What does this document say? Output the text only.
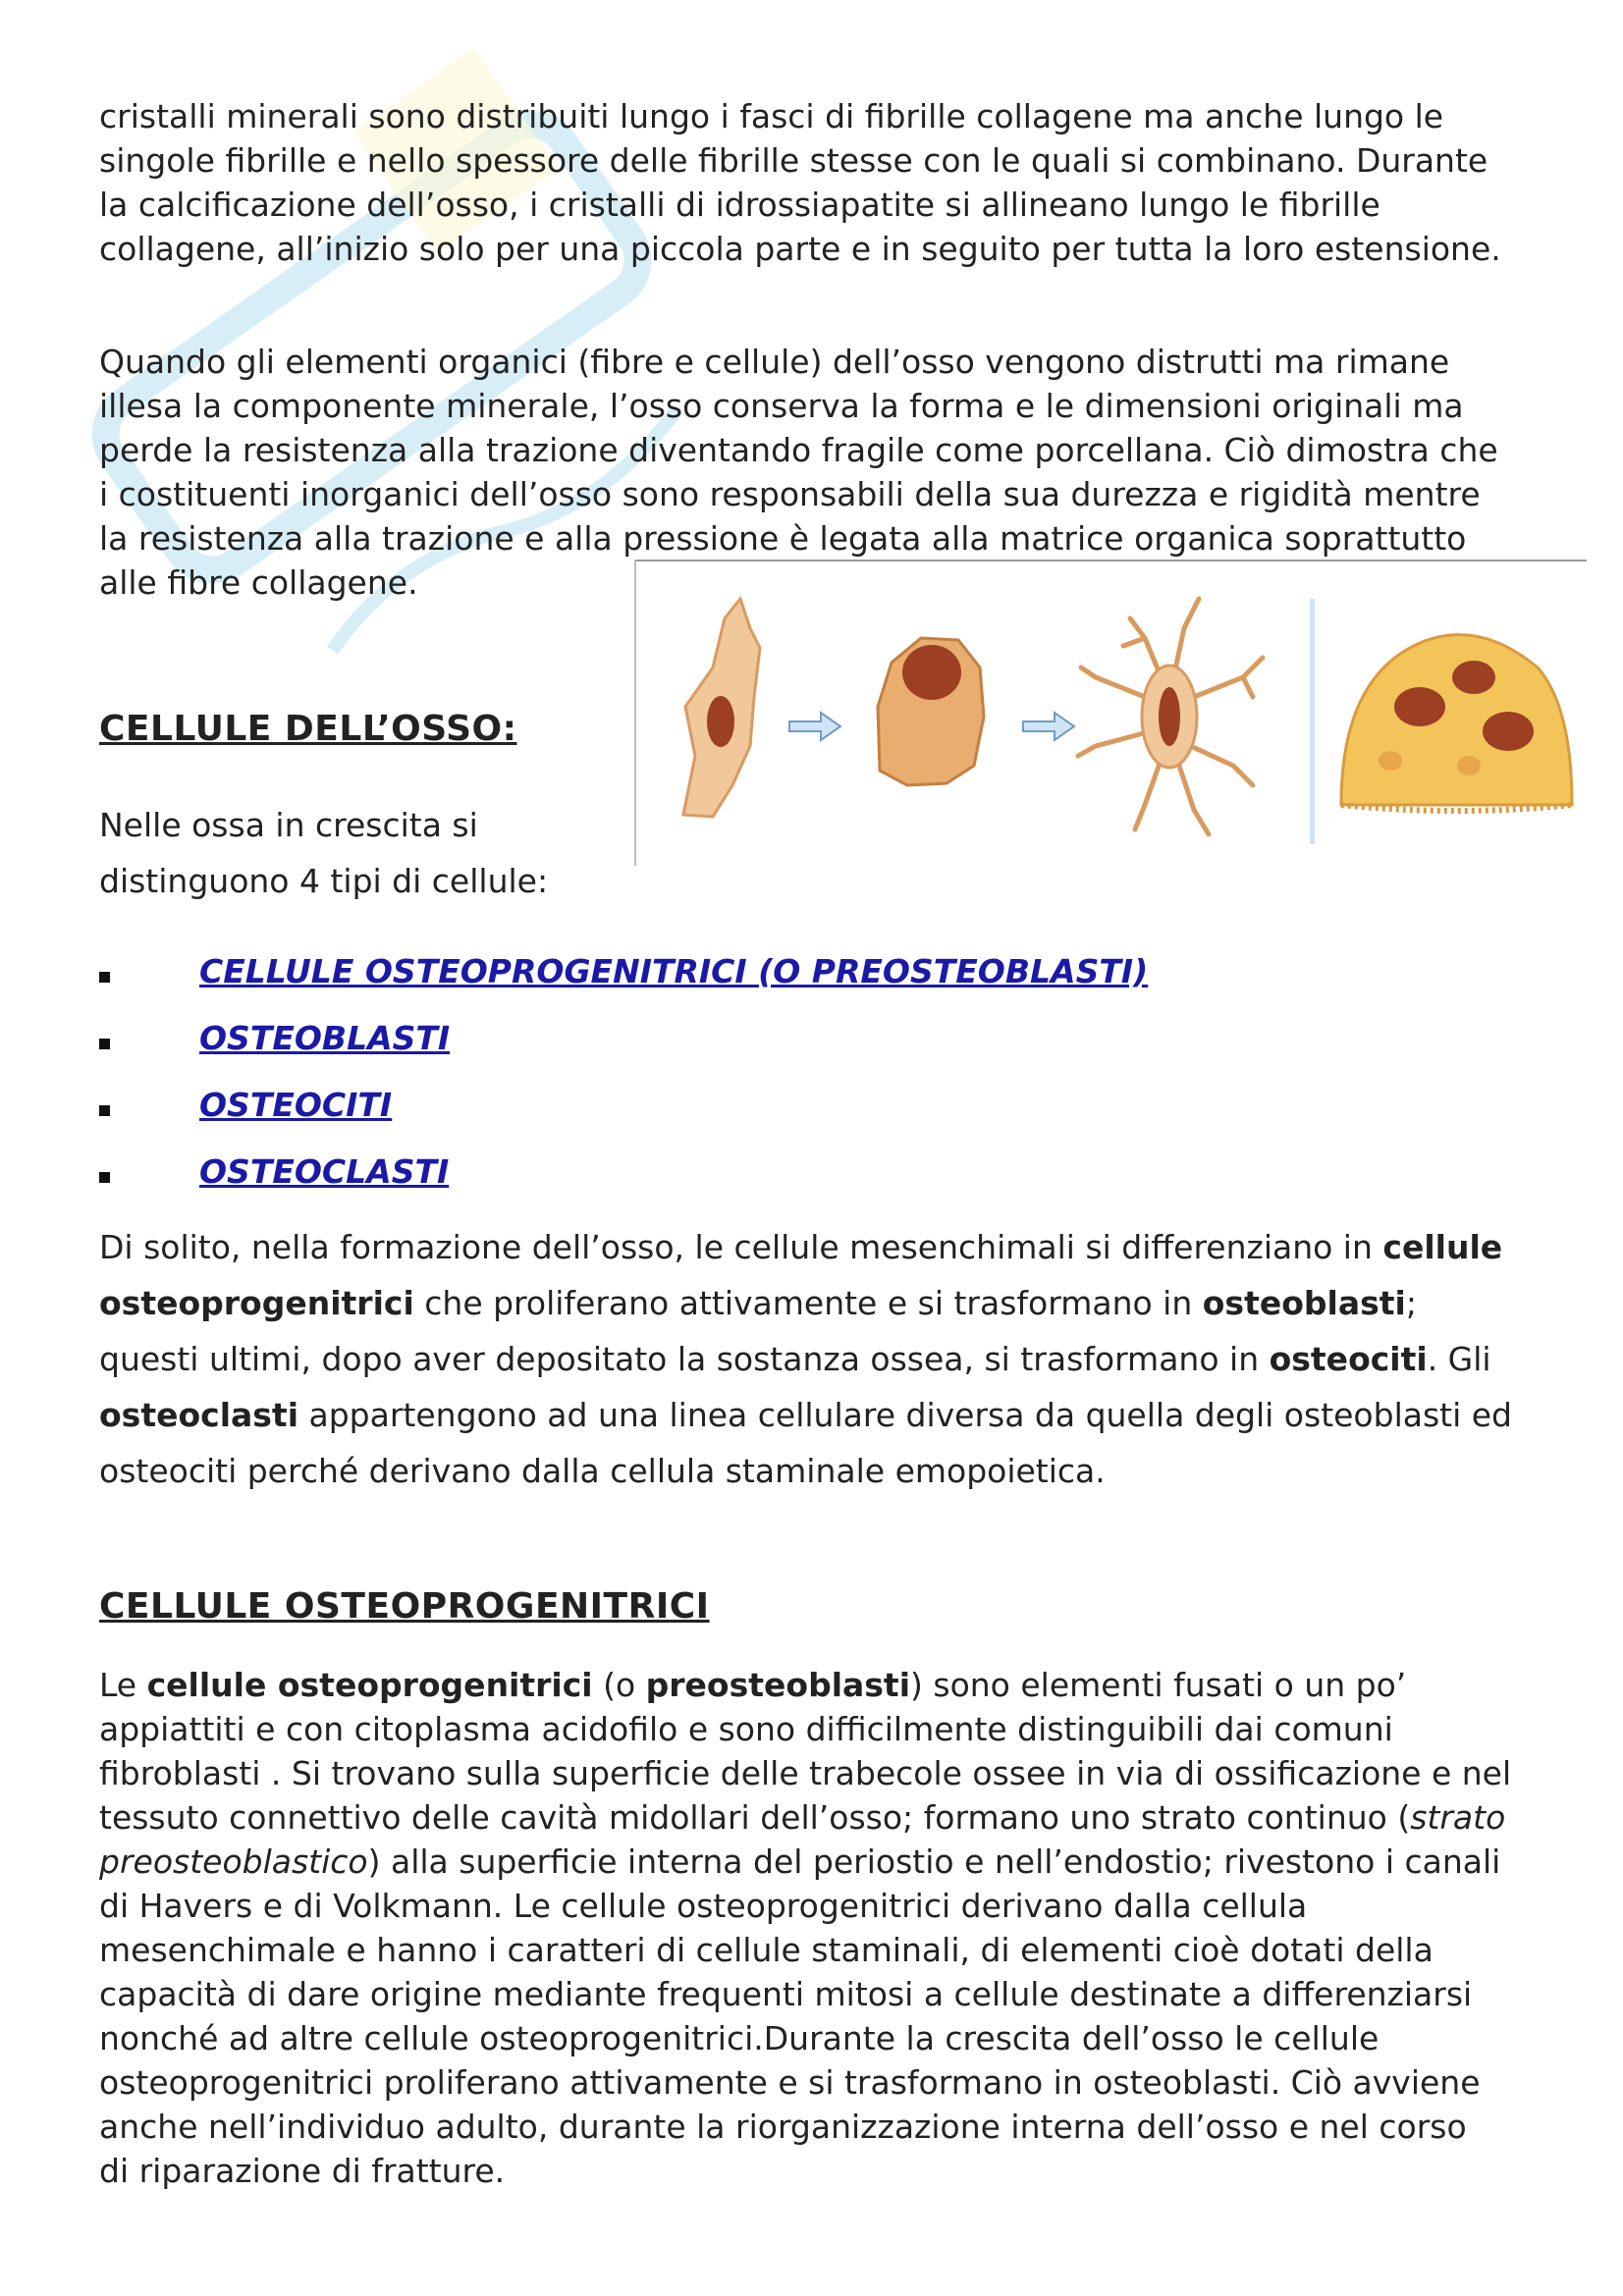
cristalli minerali sono distribuiti lungo i fasci di fibrille collagene ma anche lungo le

singole fibrille e nello spessore delle fibrille stesse con le quali si combinano. Durante

la calcificazione dell’osso, i cristalli di idrossiapatite si allineano lungo le fibrille

collagene, all’inizio solo per una piccola parte e in seguito per tutta la loro estensione.

Quando gli elementi organici (fibre e cellule) dell’osso vengono distrutti ma rimane

illesa la componente minerale, l’osso conserva la forma e le dimensioni originali ma

perde la resistenza alla trazione diventando fragile come porcellana. Ciò dimostra che

i costituenti inorganici dell’osso sono responsabili della sua durezza e rigidità mentre

la resistenza alla trazione e alla pressione è legata alla matrice organica soprattutto

alle fibre collagene.

CELLULE DELL’OSSO:

Nelle ossa in crescita si

distinguono 4 tipi di cellule:

CELLULE OSTEOPROGENITRICI (O PREOSTEOBLASTI)
OSTEOBLASTI
OSTEOCITI
OSTEOCLASTI

Di solito, nella formazione dell’osso, le cellule mesenchimali si differenziano in cellule

osteoprogenitrici che proliferano attivamente e si trasformano in osteoblasti;

questi ultimi, dopo aver depositato la sostanza ossea, si trasformano in osteociti. Gli

osteoclasti appartengono ad una linea cellulare diversa da quella degli osteoblasti ed

osteociti perché derivano dalla cellula staminale emopoietica.

CELLULE OSTEOPROGENITRICI

Le cellule osteoprogenitrici (o preosteoblasti) sono elementi fusati o un po’

appiattiti e con citoplasma acidofilo e sono difficilmente distinguibili dai comuni

fibroblasti . Si trovano sulla superficie delle trabecole ossee in via di ossificazione e nel

tessuto connettivo delle cavità midollari dell’osso; formano uno strato continuo (strato

preosteoblastico) alla superficie interna del periostio e nell’endostio; rivestono i canali

di Havers e di Volkmann. Le cellule osteoprogenitrici derivano dalla cellula

mesenchimale e hanno i caratteri di cellule staminali, di elementi cioè dotati della

capacità di dare origine mediante frequenti mitosi a cellule destinate a differenziarsi

nonché ad altre cellule osteoprogenitrici.Durante la crescita dell’osso le cellule

osteoprogenitrici proliferano attivamente e si trasformano in osteoblasti. Ciò avviene

anche nell’individuo adulto, durante la riorganizzazione interna dell’osso e nel corso

di riparazione di fratture.
